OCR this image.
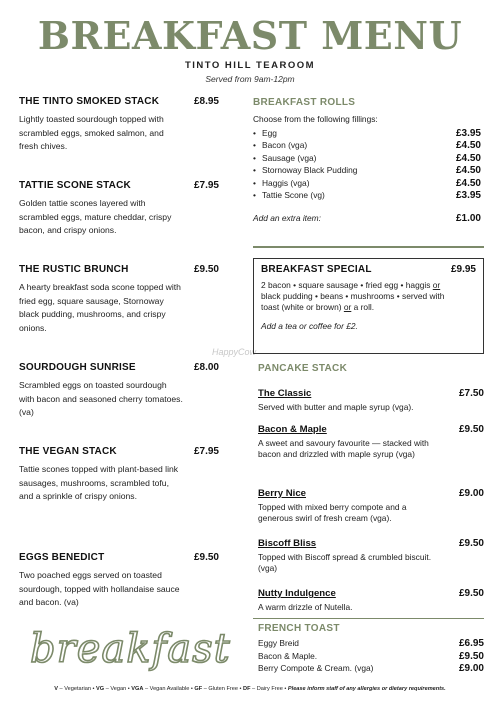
BREAKFAST MENU
TINTO HILL TEAROOM
Served from 9am-12pm
THE TINTO SMOKED STACK	£8.95
Lightly toasted sourdough topped with scrambled eggs, smoked salmon, and fresh chives.
TATTIE SCONE STACK	£7.95
Golden tattie scones layered with scrambled eggs, mature cheddar, crispy bacon, and crispy onions.
THE RUSTIC BRUNCH	£9.50
A hearty breakfast soda scone topped with fried egg, square sausage, Stornoway black pudding, mushrooms, and crispy onions.
SOURDOUGH SUNRISE	£8.00
Scrambled eggs on toasted sourdough with bacon and seasoned cherry tomatoes. (va)
THE VEGAN STACK	£7.95
Tattie scones topped with plant-based link sausages, mushrooms, scrambled tofu, and a sprinkle of crispy onions.
EGGS BENEDICT	£9.50
Two poached eggs served on toasted sourdough, topped with hollandaise sauce and bacon. (va)
breakfast
HappyCow
BREAKFAST ROLLS
Choose from the following fillings:
• Egg	£3.95
• Bacon (vga)	£4.50
• Sausage (vga)	£4.50
• Stornoway Black Pudding	£4.50
• Haggis (vga)	£4.50
• Tattie Scone (vg)	£3.95
Add an extra item:	£1.00
BREAKFAST SPECIAL	£9.95
2 bacon • square sausage • fried egg • haggis or black pudding • beans • mushrooms • served with toast (white or brown) or a roll.
Add a tea or coffee for £2.
PANCAKE STACK
The Classic	£7.50
Served with butter and maple syrup (vga).
Bacon & Maple	£9.50
A sweet and savoury favourite — stacked with bacon and drizzled with maple syrup (vga)
Berry Nice	£9.00
Topped with mixed berry compote and a generous swirl of fresh cream (vga).
Biscoff Bliss	£9.50
Topped with Biscoff spread & crumbled biscuit. (vga)
Nutty Indulgence	£9.50
A warm drizzle of Nutella.
FRENCH TOAST
Eggy Breid	£6.95
Bacon & Maple.	£9.50
Berry Compote & Cream. (vga)	£9.00
V – Vegetarian • VG – Vegan • VGA – Vegan Available • GF – Gluten Free • DF – Dairy Free • Please inform staff of any allergies or dietary requirements.
